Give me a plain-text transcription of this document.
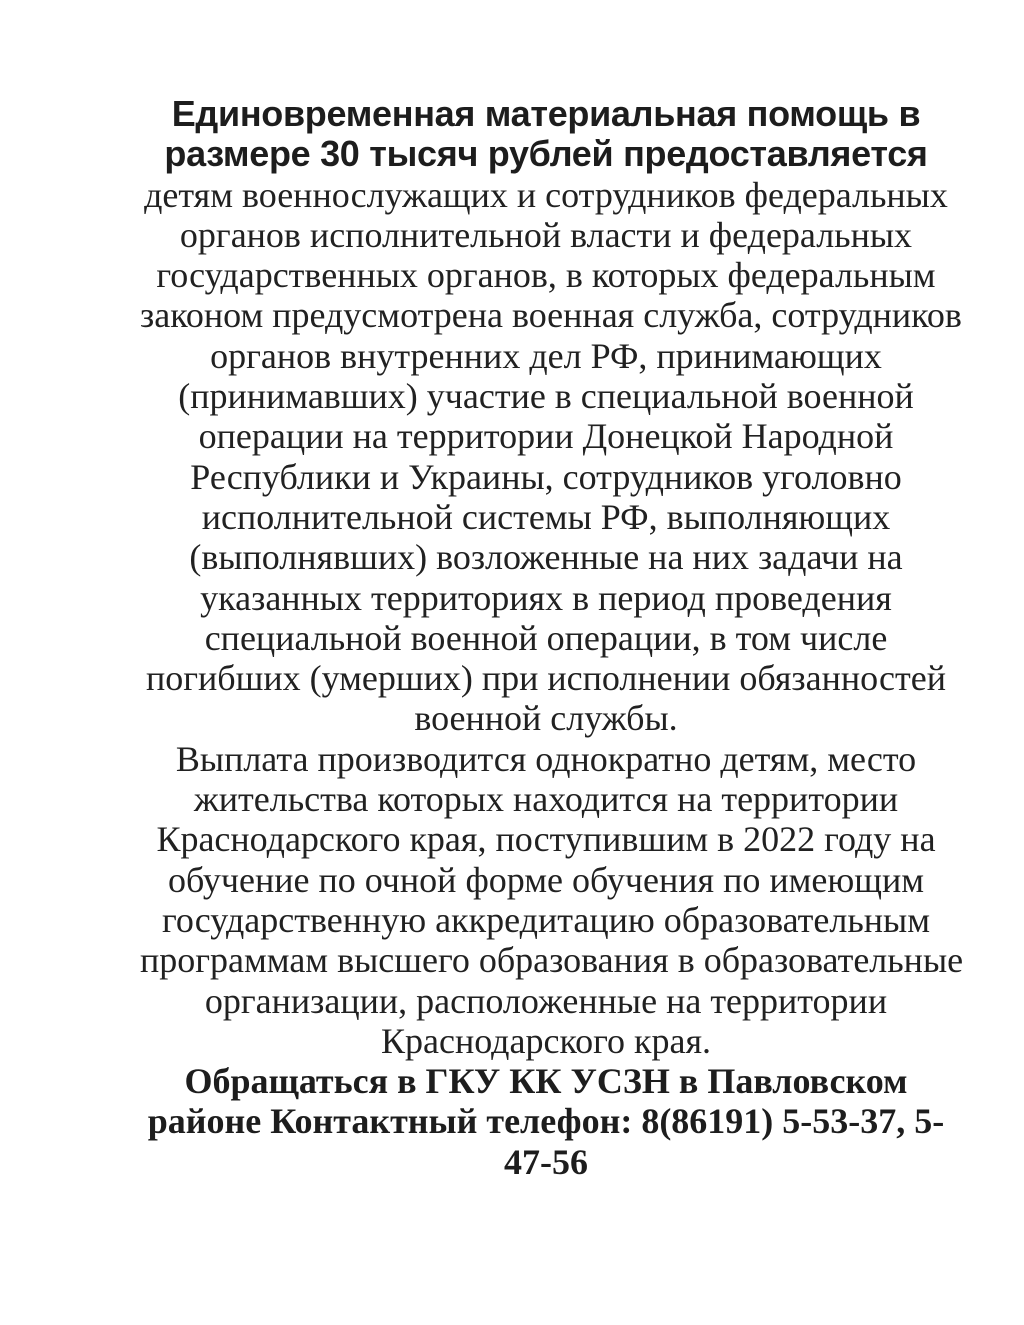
Единовременная материальная помощь в
размере 30 тысяч рублей предоставляется
детям военнослужащих и сотрудников федеральных
органов исполнительной власти и федеральных
государственных органов, в которых федеральным
законом предусмотрена военная служба, сотрудников
органов внутренних дел РФ, принимающих
(принимавших) участие в специальной военной
операции на территории Донецкой Народной
Республики и Украины, сотрудников уголовно
исполнительной системы РФ, выполняющих
(выполнявших) возложенные на них задачи на
указанных территориях в период проведения
специальной военной операции, в том числе
погибших (умерших) при исполнении обязанностей
военной службы.
Выплата производится однократно детям, место
жительства которых находится на территории
Краснодарского края, поступившим в 2022 году на
обучение по очной форме обучения по имеющим
государственную аккредитацию образовательным
программам высшего образования в образовательные
организации, расположенные на территории
Краснодарского края.
Обращаться в ГКУ КК УСЗН в Павловском
районе Контактный телефон: 8(86191) 5-53-37, 5-
47-56
